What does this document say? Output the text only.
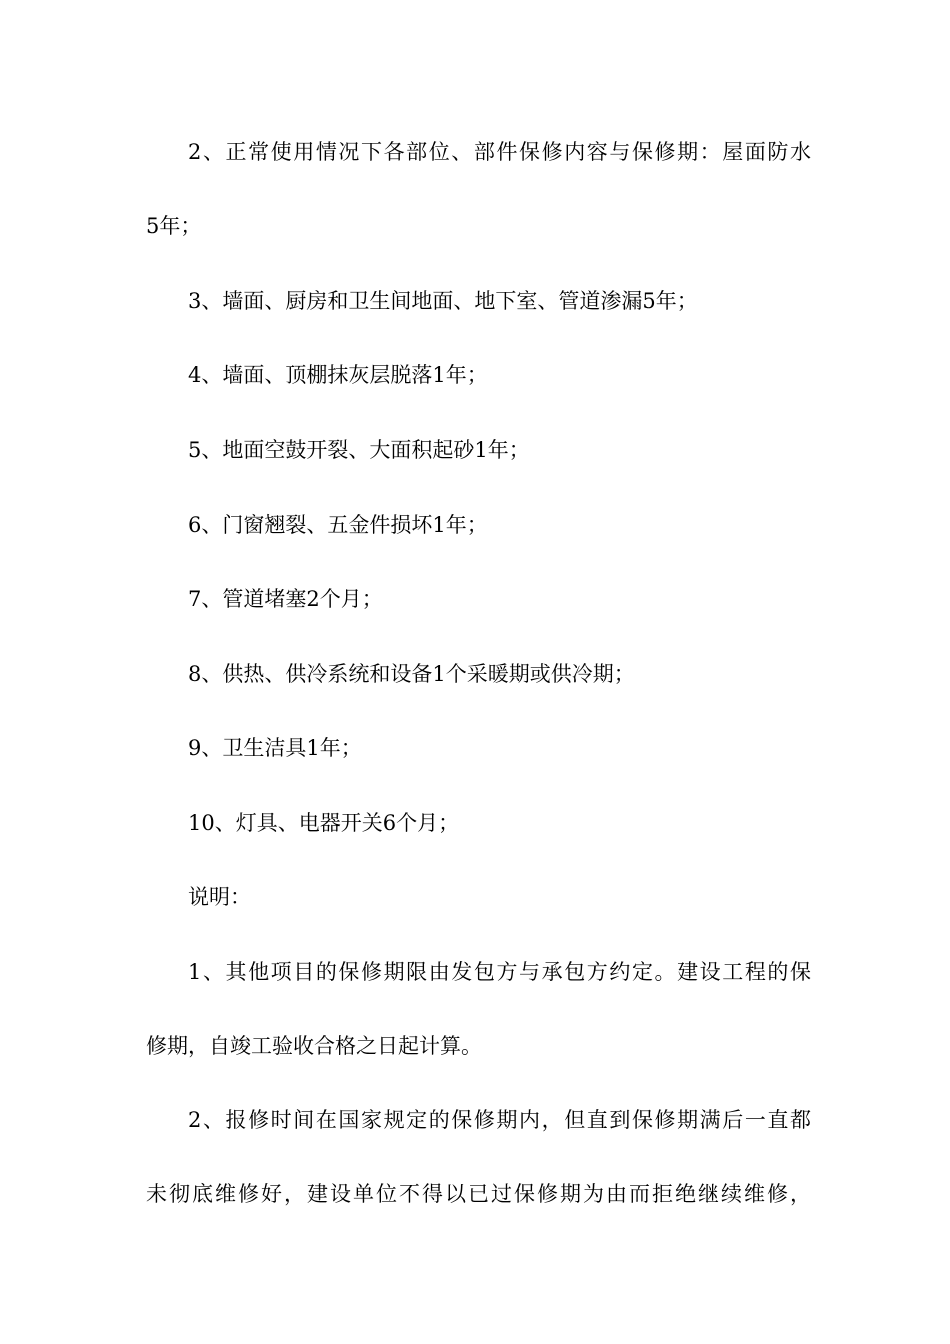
2、正常使用情况下各部位、部件保修内容与保修期：屋面防水
5年；
3、墙面、厨房和卫生间地面、地下室、管道渗漏5年；
4、墙面、顶棚抹灰层脱落1年；
5、地面空鼓开裂、大面积起砂1年；
6、门窗翘裂、五金件损坏1年；
7、管道堵塞2个月；
8、供热、供冷系统和设备1个采暖期或供冷期；
9、卫生洁具1年；
10、灯具、电器开关6个月；
说明：
1、其他项目的保修期限由发包方与承包方约定。建设工程的保
修期，自竣工验收合格之日起计算。
2、报修时间在国家规定的保修期内，但直到保修期满后一直都
未彻底维修好，建设单位不得以已过保修期为由而拒绝继续维修，
